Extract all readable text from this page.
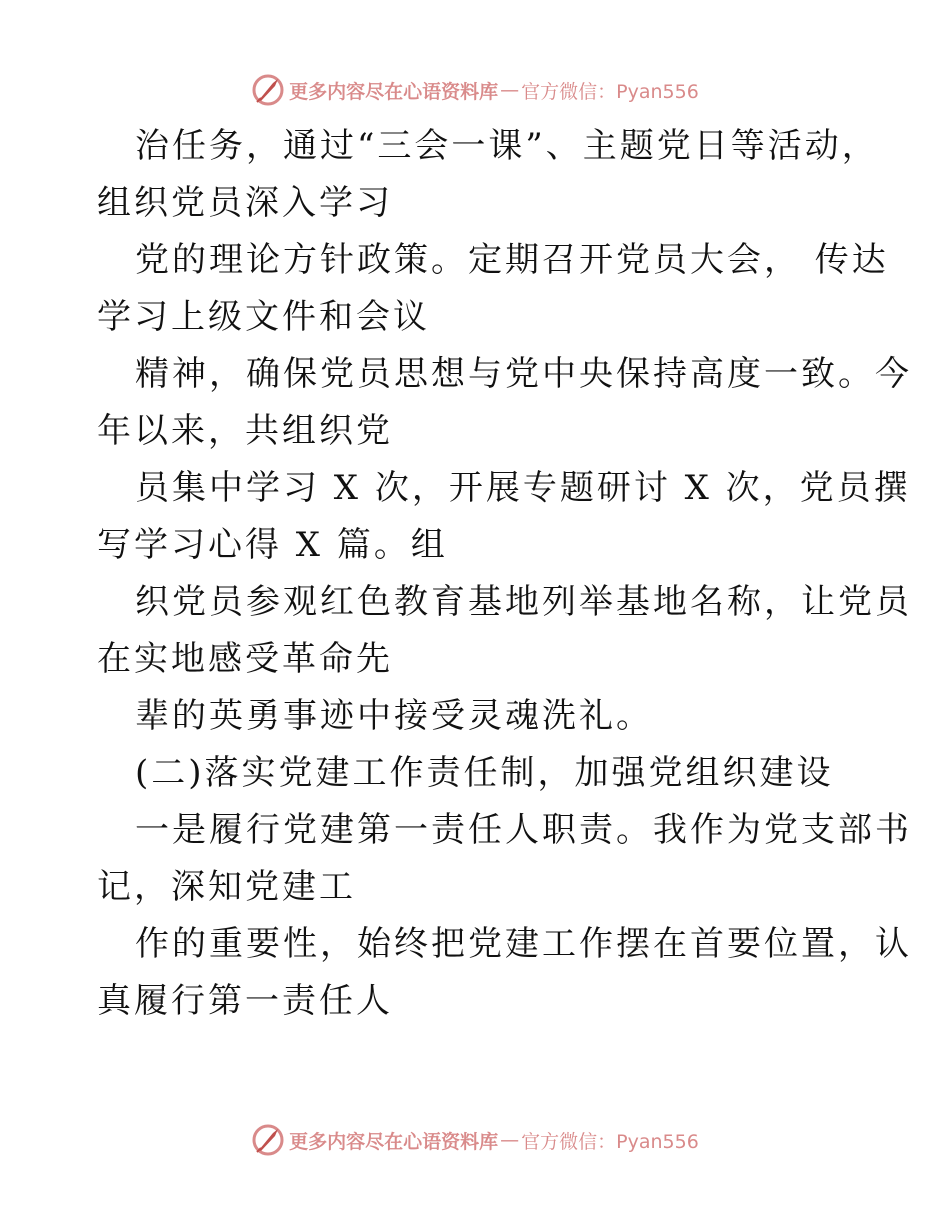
更多内容尽在心语资料库 — 官方微信：Pyan556
治任务，通过“三会一课”、主题党日等活动，
组织党员深入学习
党的理论方针政策。定期召开党员大会， 传达
学习上级文件和会议
精神，确保党员思想与党中央保持高度一致。今
年以来，共组织党
员集中学习 X 次，开展专题研讨 X 次，党员撰
写学习心得 X 篇。组
织党员参观红色教育基地列举基地名称，让党员
在实地感受革命先
辈的英勇事迹中接受灵魂洗礼。
(二)落实党建工作责任制，加强党组织建设
一是履行党建第一责任人职责。我作为党支部书
记，深知党建工
作的重要性，始终把党建工作摆在首要位置，认
真履行第一责任人
更多内容尽在心语资料库 — 官方微信：Pyan556
